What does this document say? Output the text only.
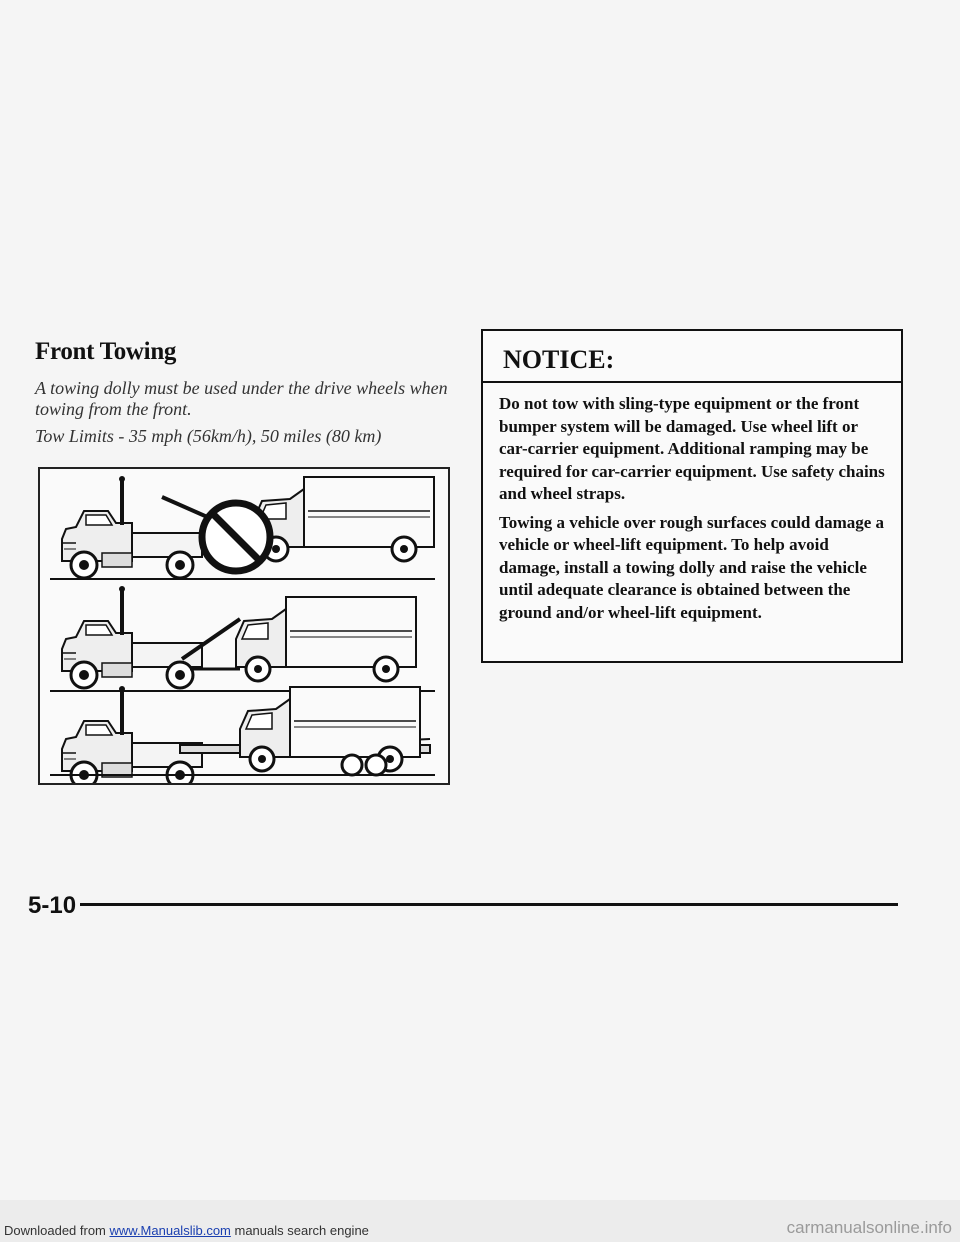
Front Towing
A towing dolly must be used under the drive wheels when towing from the front.
Tow Limits - 35 mph (56km/h), 50 miles (80 km)
NOTICE:

Do not tow with sling-type equipment or the front bumper system will be damaged. Use wheel lift or car-carrier equipment. Additional ramping may be required for car-carrier equipment. Use safety chains and wheel straps.

Towing a vehicle over rough surfaces could damage a vehicle or wheel-lift equipment. To help avoid damage, install a towing dolly and raise the vehicle until adequate clearance is obtained between the ground and/or wheel-lift equipment.

5-10
Downloaded from www.Manualslib.com manuals search engine	carmanualsonline.info
